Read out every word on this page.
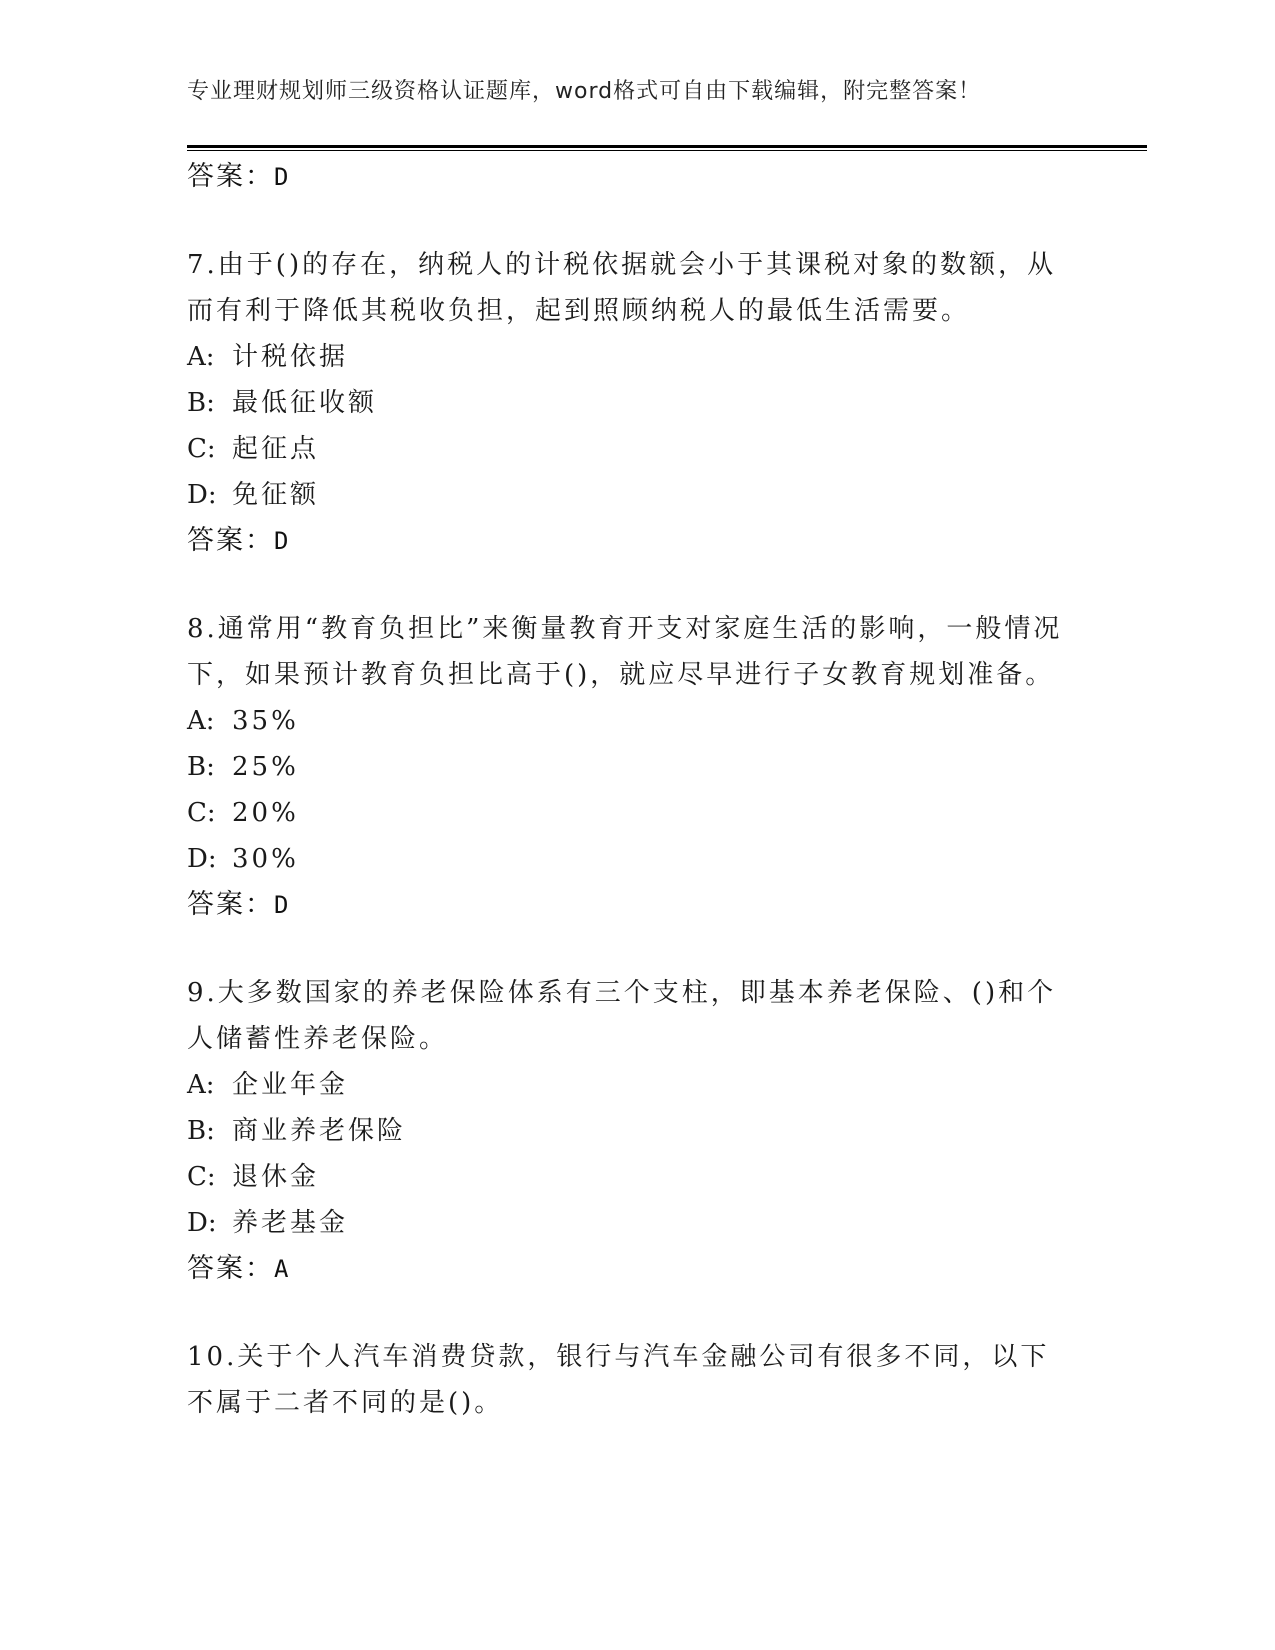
专业理财规划师三级资格认证题库，word格式可自由下载编辑，附完整答案！
答案：D
7.由于()的存在，纳税人的计税依据就会小于其课税对象的数额，从而有利于降低其税收负担，起到照顾纳税人的最低生活需要。
A: 计税依据
B: 最低征收额
C: 起征点
D: 免征额
答案：D
8.通常用“教育负担比”来衡量教育开支对家庭生活的影响，一般情况下，如果预计教育负担比高于()，就应尽早进行子女教育规划准备。
A: 35%
B: 25%
C: 20%
D: 30%
答案：D
9.大多数国家的养老保险体系有三个支柱，即基本养老保险、()和个人储蓄性养老保险。
A: 企业年金
B: 商业养老保险
C: 退休金
D: 养老基金
答案：A
10.关于个人汽车消费贷款，银行与汽车金融公司有很多不同，以下不属于二者不同的是()。
